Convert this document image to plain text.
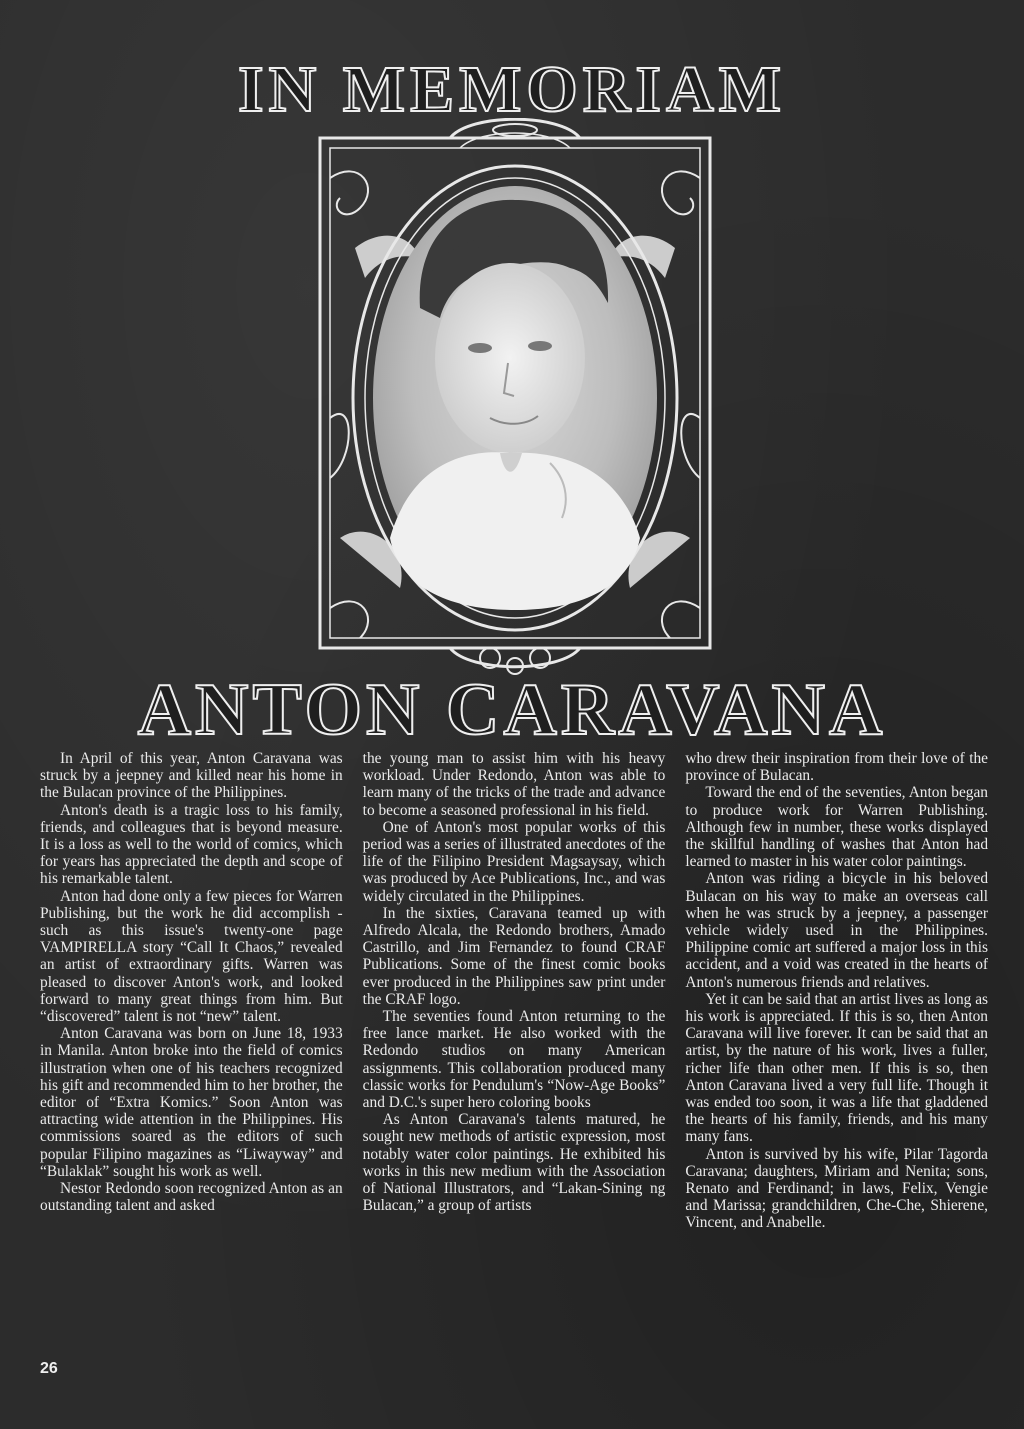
IN MEMORIAM
ANTON CARAVANA

In April of this year, Anton Caravana was struck by a jeepney and killed near his home in the Bulacan province of the Philippines.

Anton's death is a tragic loss to his family, friends, and colleagues that is beyond measure. It is a loss as well to the world of comics, which for years has appreciated the depth and scope of his remarkable talent.

Anton had done only a few pieces for Warren Publishing, but the work he did accomplish - such as this issue's twenty-one page VAMPIRELLA story “Call It Chaos,” revealed an artist of extraordinary gifts. Warren was pleased to discover Anton's work, and looked forward to many great things from him. But “discovered” talent is not “new” talent.

Anton Caravana was born on June 18, 1933 in Manila. Anton broke into the field of comics illustration when one of his teachers recognized his gift and recommended him to her brother, the editor of “Extra Komics.” Soon Anton was attracting wide attention in the Philippines. His commissions soared as the editors of such popular Filipino magazines as “Liwayway” and “Bulaklak” sought his work as well.

Nestor Redondo soon recognized Anton as an outstanding talent and asked

the young man to assist him with his heavy workload. Under Redondo, Anton was able to learn many of the tricks of the trade and advance to become a seasoned professional in his field.

One of Anton's most popular works of this period was a series of illustrated anecdotes of the life of the Filipino President Magsaysay, which was produced by Ace Publications, Inc., and was widely circulated in the Philippines.

In the sixties, Caravana teamed up with Alfredo Alcala, the Redondo brothers, Amado Castrillo, and Jim Fernandez to found CRAF Publications. Some of the finest comic books ever produced in the Philippines saw print under the CRAF logo.

The seventies found Anton returning to the free lance market. He also worked with the Redondo studios on many American assignments. This collaboration produced many classic works for Pendulum's “Now-Age Books” and D.C.'s super hero coloring books

As Anton Caravana's talents matured, he sought new methods of artistic expression, most notably water color paintings. He exhibited his works in this new medium with the Association of National Illustrators, and “Lakan-Sining ng Bulacan,” a group of artists

who drew their inspiration from their love of the province of Bulacan.

Toward the end of the seventies, Anton began to produce work for Warren Publishing. Although few in number, these works displayed the skillful handling of washes that Anton had learned to master in his water color paintings.

Anton was riding a bicycle in his beloved Bulacan on his way to make an overseas call when he was struck by a jeepney, a passenger vehicle widely used in the Philippines. Philippine comic art suffered a major loss in this accident, and a void was created in the hearts of Anton's numerous friends and relatives.

Yet it can be said that an artist lives as long as his work is appreciated. If this is so, then Anton Caravana will live forever. It can be said that an artist, by the nature of his work, lives a fuller, richer life than other men. If this is so, then Anton Caravana lived a very full life. Though it was ended too soon, it was a life that gladdened the hearts of his family, friends, and his many many fans.

Anton is survived by his wife, Pilar Tagorda Caravana; daughters, Miriam and Nenita; sons, Renato and Ferdinand; in laws, Felix, Vengie and Marissa; grandchildren, Che-Che, Shierene, Vincent, and Anabelle.

26
